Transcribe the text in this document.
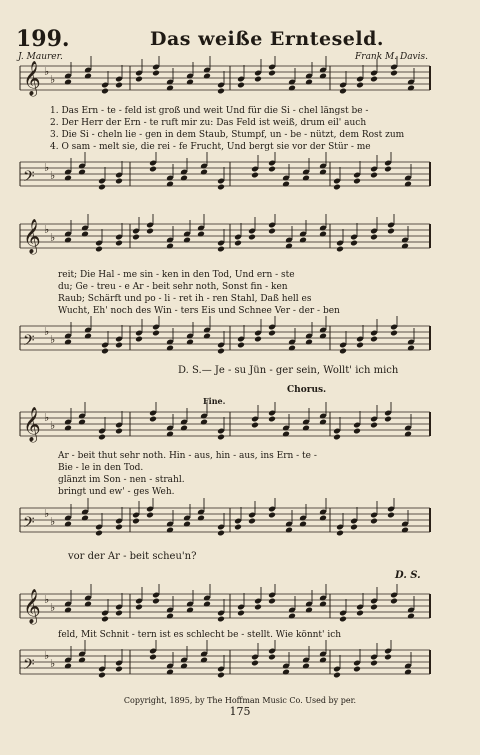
199.	Das weiße Ernteseld.
J. Maurer.	Frank M. Davis.
𝄞 ♭
♭
1. Das Ern - te - feld ist groß und weit Und für die Si - chel längst be -
2. Der Herr der Ern - te ruft mir zu: Das Feld ist weiß, drum eil' auch
3. Die Si - cheln lie - gen in dem Staub, Stumpf, un - be - nützt, dem Rost zum
4. O sam - melt sie, die rei - fe Frucht, Und bergt sie vor der Stür - me
𝄢
♭
♭
𝄞 ♭
♭
reit; Die Hal - me sin - ken in den Tod, Und ern - ste
du; Ge - treu - e Ar - beit sehr noth, Sonst fin - ken
Raub; Schärft und po - li - ret ih - ren Stahl, Daß hell es
Wucht, Eh' noch des Win - ters Eis und Schnee Ver - der - ben
𝄢
♭
♭
D. S.— Je - su Jün - ger sein, Wollt' ich mich
Fine.
Chorus.
𝄞 ♭
♭
Ar - beit thut sehr noth. Hin - aus, hin - aus, ins Ern - te -
Bie - le in den Tod.
glänzt im Son - nen - strahl.
bringt und ew' - ges Weh.
𝄢
♭
♭
vor der Ar - beit scheu'n?
D. S.
𝄞 ♭
♭
feld, Mit Schnit - tern ist es schlecht be - stellt. Wie könnt' ich
𝄢
♭
♭
Copyright, 1895, by The Hoffman Music Co. Used by per.
175
